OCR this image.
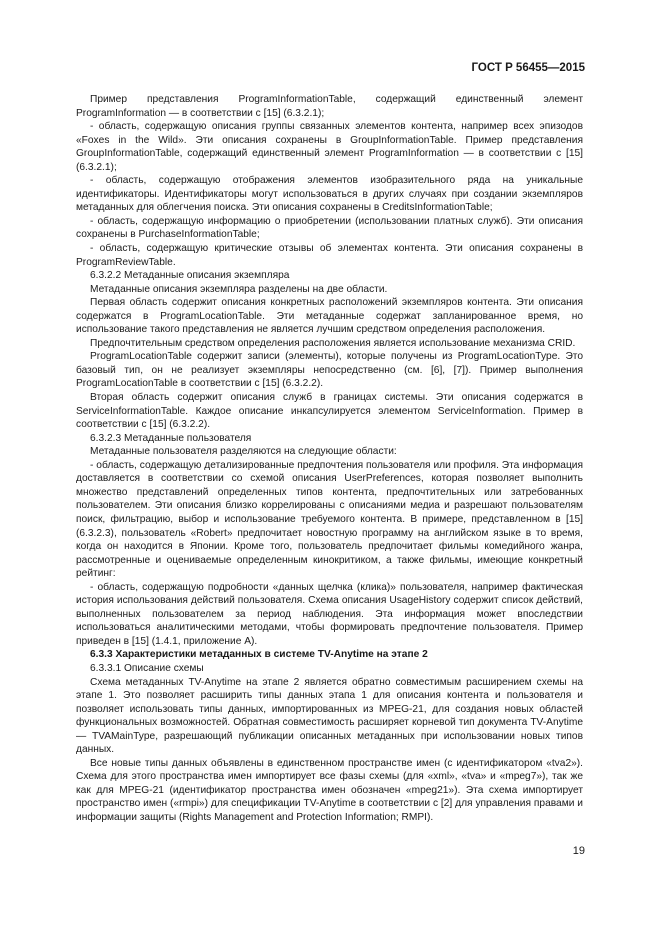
ГОСТ Р 56455—2015

Пример представления ProgramInformationTable, содержащий единственный элемент ProgramInformation — в соответствии с [15] (6.3.2.1);

- область, содержащую описания группы связанных элементов контента, например всех эпизодов «Foxes in the Wild». Эти описания сохранены в GroupInformationTable. Пример представления GroupInformationTable, содержащий единственный элемент ProgramInformation — в соответствии с [15] (6.3.2.1);

- область, содержащую отображения элементов изобразительного ряда на уникальные идентификаторы. Идентификаторы могут использоваться в других случаях при создании экземпляров метаданных для облегчения поиска. Эти описания сохранены в CreditsInformationTable;

- область, содержащую информацию о приобретении (использовании платных служб). Эти описания сохранены в PurchaseInformationTable;

- область, содержащую критические отзывы об элементах контента. Эти описания сохранены в ProgramReviewTable.

6.3.2.2 Метаданные описания экземпляра

Метаданные описания экземпляра разделены на две области.

Первая область содержит описания конкретных расположений экземпляров контента. Эти описания содержатся в ProgramLocationTable. Эти метаданные содержат запланированное время, но использование такого представления не является лучшим средством определения расположения.

Предпочтительным средством определения расположения является использование механизма CRID.

ProgramLocationTable содержит записи (элементы), которые получены из ProgramLocationType. Это базовый тип, он не реализует экземпляры непосредственно (см. [6], [7]). Пример выполнения ProgramLocationTable в соответствии с [15] (6.3.2.2).

Вторая область содержит описания служб в границах системы. Эти описания содержатся в ServiceInformationTable. Каждое описание инкапсулируется элементом ServiceInformation. Пример в соответствии с [15] (6.3.2.2).

6.3.2.3 Метаданные пользователя

Метаданные пользователя разделяются на следующие области:

- область, содержащую детализированные предпочтения пользователя или профиля. Эта информация доставляется в соответствии со схемой описания UserPreferences, которая позволяет выполнить множество представлений определенных типов контента, предпочтительных или затребованных пользователем. Эти описания близко коррелированы с описаниями медиа и разрешают пользователям поиск, фильтрацию, выбор и использование требуемого контента. В примере, представленном в [15] (6.3.2.3), пользователь «Robert» предпочитает новостную программу на английском языке в то время, когда он находится в Японии. Кроме того, пользователь предпочитает фильмы комедийного жанра, рассмотренные и оцениваемые определенным кинокритиком, а также фильмы, имеющие конкретный рейтинг:

- область, содержащую подробности «данных щелчка (клика)» пользователя, например фактическая история использования действий пользователя. Схема описания UsageHistory содержит список действий, выполненных пользователем за период наблюдения. Эта информация может впоследствии использоваться аналитическими методами, чтобы формировать предпочтение пользователя. Пример приведен в [15] (1.4.1, приложение А).

6.3.3 Характеристики метаданных в системе TV-Anytime на этапе 2

6.3.3.1 Описание схемы

Схема метаданных TV-Anytime на этапе 2 является обратно совместимым расширением схемы на этапе 1. Это позволяет расширить типы данных этапа 1 для описания контента и пользователя и позволяет использовать типы данных, импортированных из MPEG-21, для создания новых областей функциональных возможностей. Обратная совместимость расширяет корневой тип документа TV-Anytime — TVAMainType, разрешающий публикации описанных метаданных при использовании новых типов данных.

Все новые типы данных объявлены в единственном пространстве имен (с идентификатором «tva2»). Схема для этого пространства имен импортирует все фазы схемы (для «xml», «tva» и «mpeg7»), так же как для MPEG-21 (идентификатор пространства имен обозначен «mpeg21»). Эта схема импортирует пространство имен («rmpi») для спецификации TV-Anytime в соответствии с [2] для управления правами и информации защиты (Rights Management and Protection Information; RMPI).

19
